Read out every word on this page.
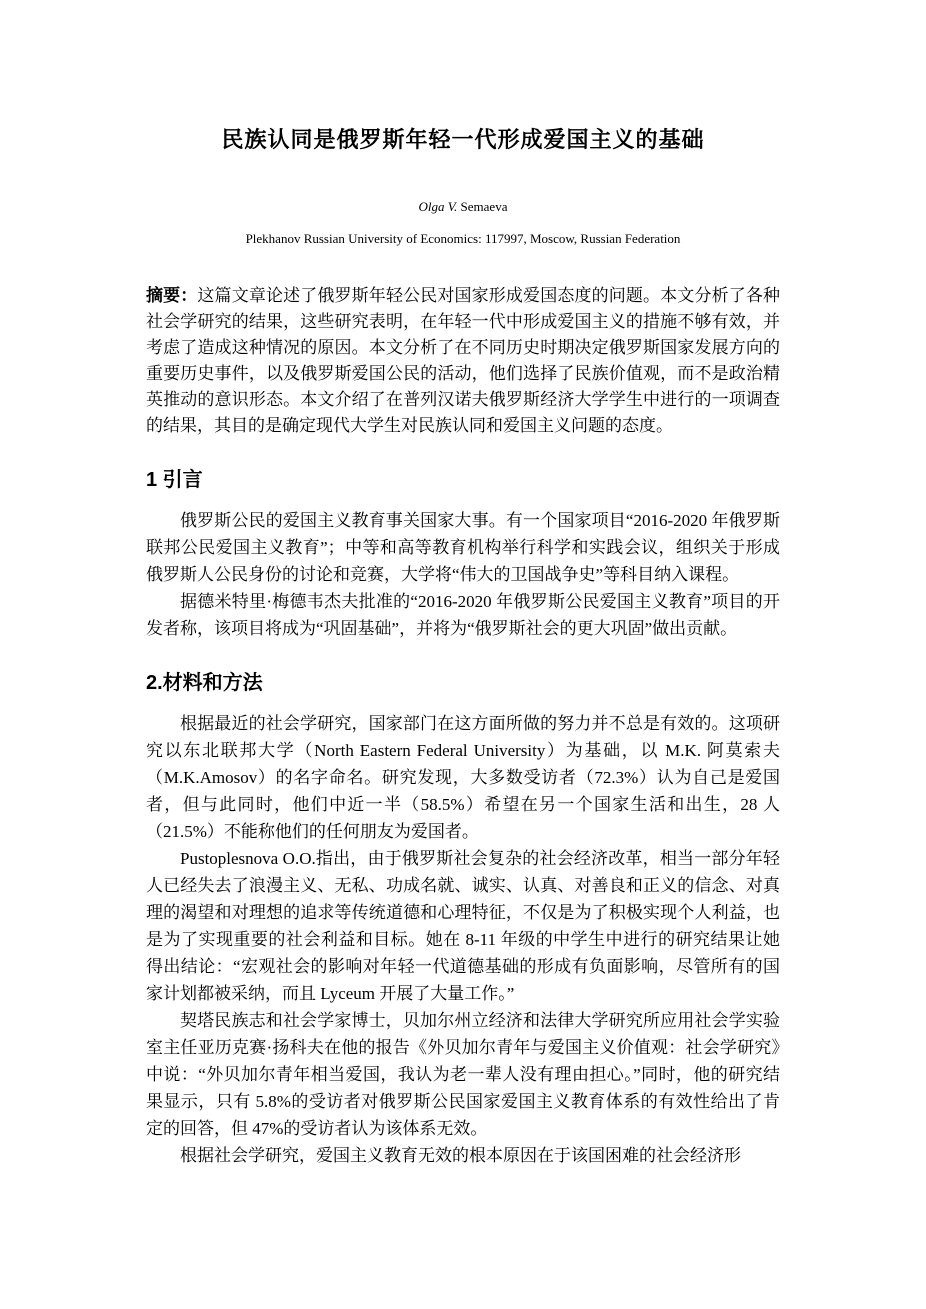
民族认同是俄罗斯年轻一代形成爱国主义的基础
Olga V. Semaeva
Plekhanov Russian University of Economics: 117997, Moscow, Russian Federation

摘要：这篇文章论述了俄罗斯年轻公民对国家形成爱国态度的问题。本文分析了各种社会学研究的结果，这些研究表明，在年轻一代中形成爱国主义的措施不够有效，并考虑了造成这种情况的原因。本文分析了在不同历史时期决定俄罗斯国家发展方向的重要历史事件，以及俄罗斯爱国公民的活动，他们选择了民族价值观，而不是政治精英推动的意识形态。本文介绍了在普列汉诺夫俄罗斯经济大学学生中进行的一项调查的结果，其目的是确定现代大学生对民族认同和爱国主义问题的态度。

1 引言

俄罗斯公民的爱国主义教育事关国家大事。有一个国家项目“2016-2020 年俄罗斯联邦公民爱国主义教育”；中等和高等教育机构举行科学和实践会议，组织关于形成俄罗斯人公民身份的讨论和竞赛，大学将“伟大的卫国战争史”等科目纳入课程。

据德米特里·梅德韦杰夫批准的“2016-2020 年俄罗斯公民爱国主义教育”项目的开发者称，该项目将成为“巩固基础”，并将为“俄罗斯社会的更大巩固”做出贡献。

2.材料和方法

根据最近的社会学研究，国家部门在这方面所做的努力并不总是有效的。这项研究以东北联邦大学（North Eastern Federal University）为基础，以 M.K. 阿莫索夫（M.K.Amosov）的名字命名。研究发现，大多数受访者（72.3%）认为自己是爱国者，但与此同时，他们中近一半（58.5%）希望在另一个国家生活和出生，28 人（21.5%）不能称他们的任何朋友为爱国者。

Pustoplesnova O.O.指出，由于俄罗斯社会复杂的社会经济改革，相当一部分年轻人已经失去了浪漫主义、无私、功成名就、诚实、认真、对善良和正义的信念、对真理的渴望和对理想的追求等传统道德和心理特征，不仅是为了积极实现个人利益，也是为了实现重要的社会利益和目标。她在 8-11 年级的中学生中进行的研究结果让她得出结论：“宏观社会的影响对年轻一代道德基础的形成有负面影响，尽管所有的国家计划都被采纳，而且 Lyceum 开展了大量工作。”

契塔民族志和社会学家博士，贝加尔州立经济和法律大学研究所应用社会学实验室主任亚历克赛·扬科夫在他的报告《外贝加尔青年与爱国主义价值观：社会学研究》中说：“外贝加尔青年相当爱国，我认为老一辈人没有理由担心。”同时，他的研究结果显示，只有 5.8%的受访者对俄罗斯公民国家爱国主义教育体系的有效性给出了肯定的回答，但 47%的受访者认为该体系无效。

根据社会学研究，爱国主义教育无效的根本原因在于该国困难的社会经济形
